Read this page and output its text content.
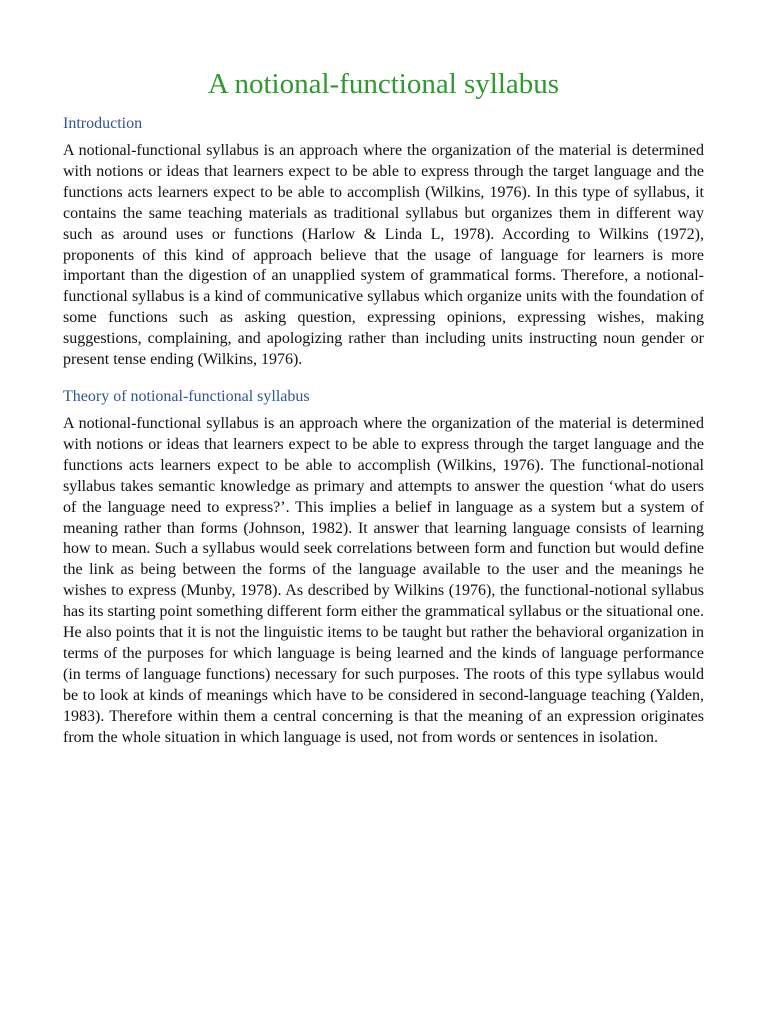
A notional-functional syllabus
Introduction

A notional-functional syllabus is an approach where the organization of the material is determined with notions or ideas that learners expect to be able to express through the target language and the functions acts learners expect to be able to accomplish (Wilkins, 1976). In this type of syllabus, it contains the same teaching materials as traditional syllabus but organizes them in different way such as around uses or functions (Harlow & Linda L, 1978). According to Wilkins (1972), proponents of this kind of approach believe that the usage of language for learners is more important than the digestion of an unapplied system of grammatical forms. Therefore, a notional-functional syllabus is a kind of communicative syllabus which organize units with the foundation of some functions such as asking question, expressing opinions, expressing wishes, making suggestions, complaining, and apologizing rather than including units instructing noun gender or present tense ending (Wilkins, 1976).

Theory of notional-functional syllabus

A notional-functional syllabus is an approach where the organization of the material is determined with notions or ideas that learners expect to be able to express through the target language and the functions acts learners expect to be able to accomplish (Wilkins, 1976). The functional-notional syllabus takes semantic knowledge as primary and attempts to answer the question ‘what do users of the language need to express?’. This implies a belief in language as a system but a system of meaning rather than forms (Johnson, 1982). It answer that learning language consists of learning how to mean. Such a syllabus would seek correlations between form and function but would define the link as being between the forms of the language available to the user and the meanings he wishes to express (Munby, 1978). As described by Wilkins (1976), the functional-notional syllabus has its starting point something different form either the grammatical syllabus or the situational one. He also points that it is not the linguistic items to be taught but rather the behavioral organization in terms of the purposes for which language is being learned and the kinds of language performance (in terms of language functions) necessary for such purposes. The roots of this type syllabus would be to look at kinds of meanings which have to be considered in second-language teaching (Yalden, 1983). Therefore within them a central concerning is that the meaning of an expression originates from the whole situation in which language is used, not from words or sentences in isolation.
